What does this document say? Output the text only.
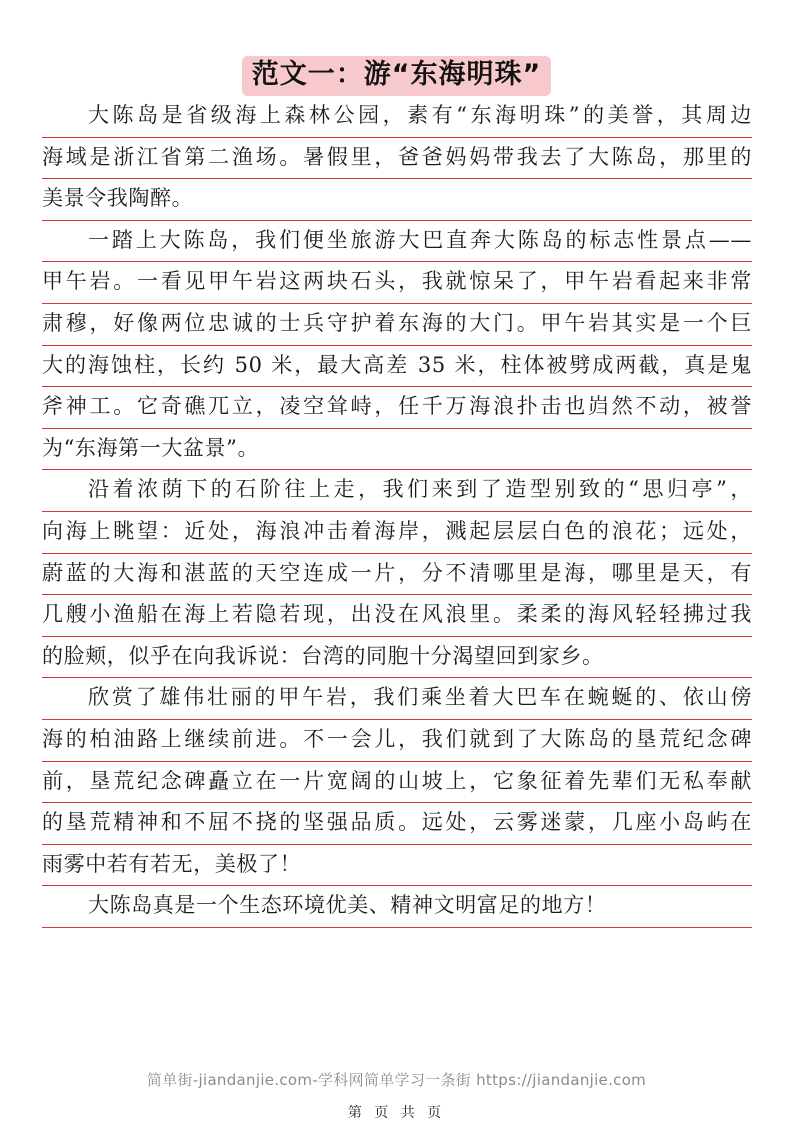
范文一：游“东海明珠”
大陈岛是省级海上森林公园，素有“东海明珠”的美誉，其周边
海域是浙江省第二渔场。暑假里，爸爸妈妈带我去了大陈岛，那里的
美景令我陶醉。
一踏上大陈岛，我们便坐旅游大巴直奔大陈岛的标志性景点——
甲午岩。一看见甲午岩这两块石头，我就惊呆了，甲午岩看起来非常
肃穆，好像两位忠诚的士兵守护着东海的大门。甲午岩其实是一个巨
大的海蚀柱，长约 50 米，最大高差 35 米，柱体被劈成两截，真是鬼
斧神工。它奇礁兀立，凌空耸峙，任千万海浪扑击也岿然不动，被誉
为“东海第一大盆景”。
沿着浓荫下的石阶往上走，我们来到了造型别致的“思归亭”，
向海上眺望：近处，海浪冲击着海岸，溅起层层白色的浪花；远处，
蔚蓝的大海和湛蓝的天空连成一片，分不清哪里是海，哪里是天，有
几艘小渔船在海上若隐若现，出没在风浪里。柔柔的海风轻轻拂过我
的脸颊，似乎在向我诉说：台湾的同胞十分渴望回到家乡。
欣赏了雄伟壮丽的甲午岩，我们乘坐着大巴车在蜿蜒的、依山傍
海的柏油路上继续前进。不一会儿，我们就到了大陈岛的垦荒纪念碑
前，垦荒纪念碑矗立在一片宽阔的山坡上，它象征着先辈们无私奉献
的垦荒精神和不屈不挠的坚强品质。远处，云雾迷蒙，几座小岛屿在
雨雾中若有若无，美极了！
大陈岛真是一个生态环境优美、精神文明富足的地方！
简单街-jiandanjie.com-学科网简单学习一条街 https://jiandanjie.com
第 页 共 页
